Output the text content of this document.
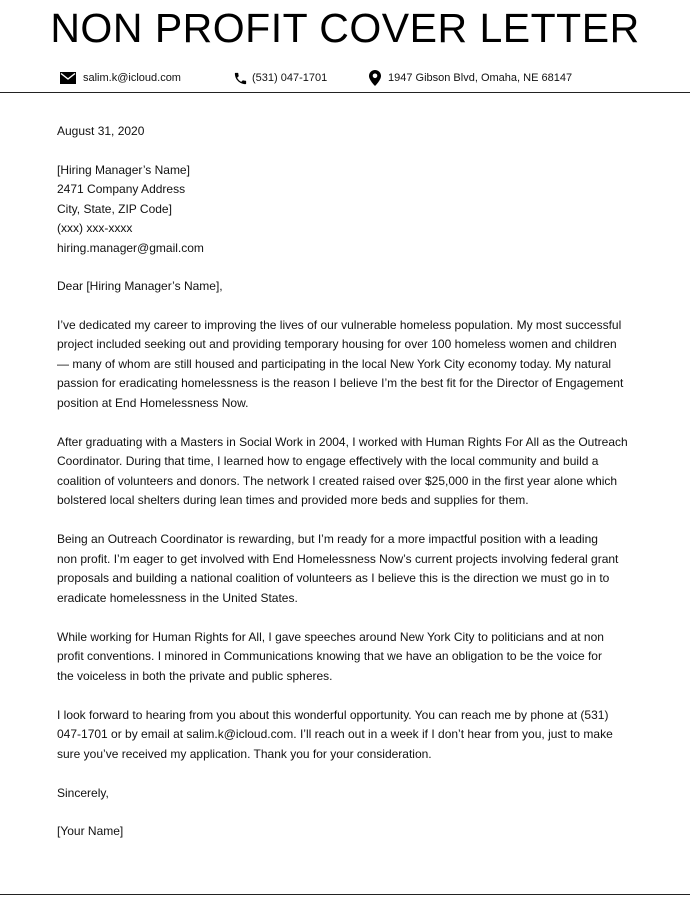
NON PROFIT COVER LETTER
salim.k@icloud.com	(531) 047-1701	1947 Gibson Blvd, Omaha, NE 68147

August 31, 2020

[Hiring Manager’s Name]
2471 Company Address
City, State, ZIP Code]
(xxx) xxx-xxxx
hiring.manager@gmail.com

Dear [Hiring Manager’s Name],

I’ve dedicated my career to improving the lives of our vulnerable homeless population. My most successful
project included seeking out and providing temporary housing for over 100 homeless women and children
— many of whom are still housed and participating in the local New York City economy today. My natural
passion for eradicating homelessness is the reason I believe I’m the best fit for the Director of Engagement
position at End Homelessness Now.
After graduating with a Masters in Social Work in 2004, I worked with Human Rights For All as the Outreach
Coordinator. During that time, I learned how to engage effectively with the local community and build a
coalition of volunteers and donors. The network I created raised over $25,000 in the first year alone which
bolstered local shelters during lean times and provided more beds and supplies for them.
Being an Outreach Coordinator is rewarding, but I’m ready for a more impactful position with a leading
non profit. I’m eager to get involved with End Homelessness Now’s current projects involving federal grant
proposals and building a national coalition of volunteers as I believe this is the direction we must go in to
eradicate homelessness in the United States.
While working for Human Rights for All, I gave speeches around New York City to politicians and at non
profit conventions. I minored in Communications knowing that we have an obligation to be the voice for
the voiceless in both the private and public spheres.
I look forward to hearing from you about this wonderful opportunity. You can reach me by phone at (531)
047-1701 or by email at salim.k@icloud.com. I’ll reach out in a week if I don’t hear from you, just to make
sure you’ve received my application. Thank you for your consideration.

Sincerely,

[Your Name]
